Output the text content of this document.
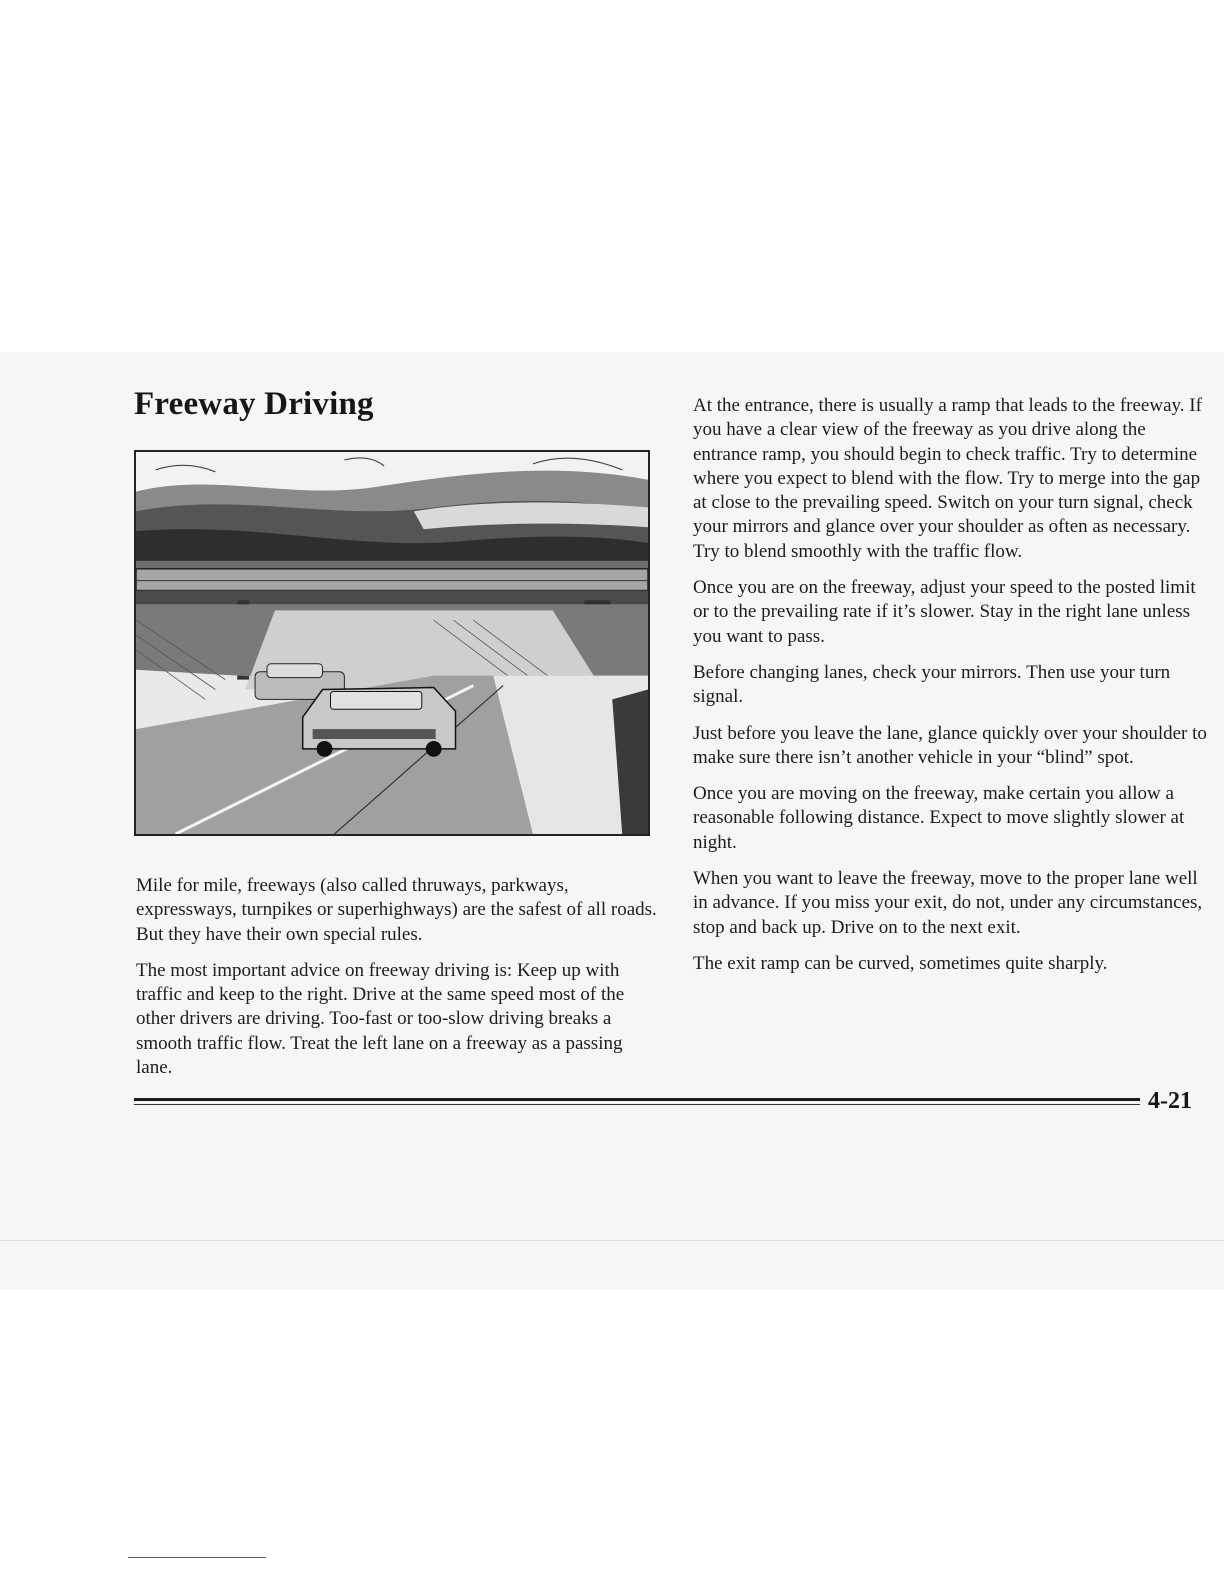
Freeway Driving

Mile for mile, freeways (also called thruways, parkways, expressways, turnpikes or superhighways) are the safest of all roads. But they have their own special rules.

The most important advice on freeway driving is: Keep up with traffic and keep to the right. Drive at the same speed most of the other drivers are driving. Too-fast or too-slow driving breaks a smooth traffic flow. Treat the left lane on a freeway as a passing lane.

At the entrance, there is usually a ramp that leads to the freeway. If you have a clear view of the freeway as you drive along the entrance ramp, you should begin to check traffic. Try to determine where you expect to blend with the flow. Try to merge into the gap at close to the prevailing speed. Switch on your turn signal, check your mirrors and glance over your shoulder as often as necessary. Try to blend smoothly with the traffic flow.

Once you are on the freeway, adjust your speed to the posted limit or to the prevailing rate if it’s slower. Stay in the right lane unless you want to pass.

Before changing lanes, check your mirrors. Then use your turn signal.

Just before you leave the lane, glance quickly over your shoulder to make sure there isn’t another vehicle in your “blind” spot.

Once you are moving on the freeway, make certain you allow a reasonable following distance. Expect to move slightly slower at night.

When you want to leave the freeway, move to the proper lane well in advance. If you miss your exit, do not, under any circumstances, stop and back up. Drive on to the next exit.

The exit ramp can be curved, sometimes quite sharply.

4-21
